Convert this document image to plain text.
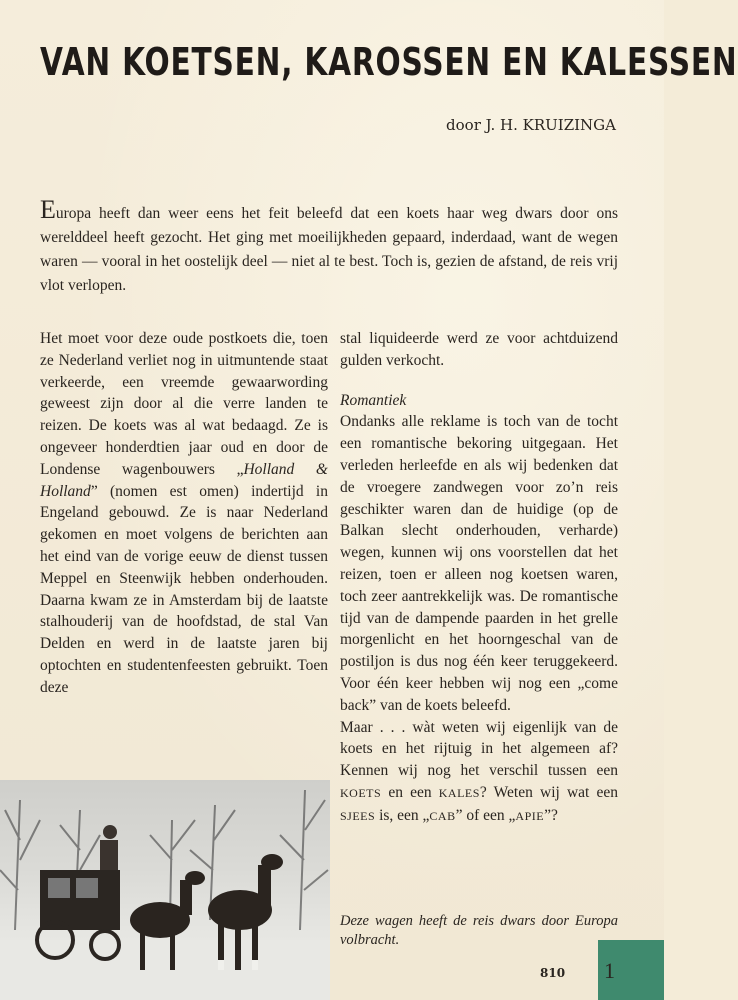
VAN KOETSEN, KAROSSEN EN KALESSEN
door J. H. KRUIZINGA
Europa heeft dan weer eens het feit beleefd dat een koets haar weg dwars door ons werelddeel heeft gezocht. Het ging met moeilijkheden gepaard, inderdaad, want de wegen waren — vooral in het oostelijk deel — niet al te best. Toch is, gezien de afstand, de reis vrij vlot verlopen.

Het moet voor deze oude postkoets die, toen ze Nederland verliet nog in uitmuntende staat verkeerde, een vreemde gewaarwording geweest zijn door al die verre landen te reizen. De koets was al wat bedaagd. Ze is ongeveer honderdtien jaar oud en door de Londense wagenbouwers „Holland & Holland” (nomen est omen) indertijd in Engeland gebouwd. Ze is naar Nederland gekomen en moet volgens de berichten aan het eind van de vorige eeuw de dienst tussen Meppel en Steenwijk hebben onderhouden. Daarna kwam ze in Amsterdam bij de laatste stalhouderij van de hoofdstad, de stal Van Delden en werd in de laatste jaren bij optochten en studentenfeesten gebruikt. Toen deze

stal liquideerde werd ze voor achtduizend gulden verkocht.

Romantiek

Ondanks alle reklame is toch van de tocht een romantische bekoring uitgegaan. Het verleden herleefde en als wij bedenken dat de vroegere zandwegen voor zo’n reis geschikter waren dan de huidige (op de Balkan slecht onderhouden, verharde) wegen, kunnen wij ons voorstellen dat het reizen, toen er alleen nog koetsen waren, toch zeer aantrekkelijk was. De romantische tijd van de dampende paarden in het grelle morgenlicht en het hoorngeschal van de postiljon is dus nog één keer teruggekeerd. Voor één keer hebben wij nog een „come back” van de koets beleefd.

Maar . . . wàt weten wij eigenlijk van de koets en het rijtuig in het algemeen af? Kennen wij nog het verschil tussen een KOETS en een KALES? Weten wij wat een SJEES is, een „CAB” of een „APIE”?

Deze wagen heeft de reis dwars door Europa volbracht.
810 1
